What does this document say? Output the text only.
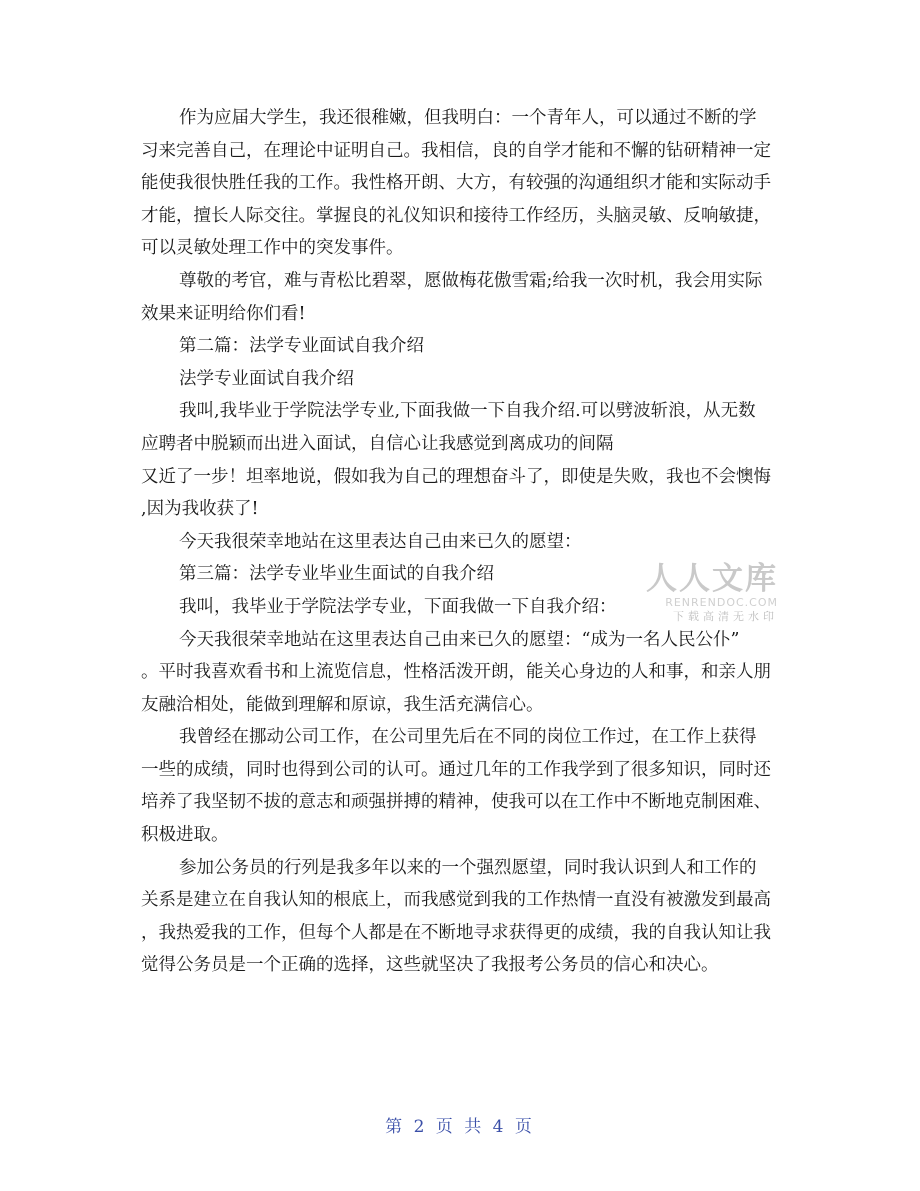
作为应届大学生，我还很稚嫩，但我明白：一个青年人，可以通过不断的学
习来完善自己，在理论中证明自己。我相信，良的自学才能和不懈的钻研精神一定
能使我很快胜任我的工作。我性格开朗、大方，有较强的沟通组织才能和实际动手
才能，擅长人际交往。掌握良的礼仪知识和接待工作经历，头脑灵敏、反响敏捷，
可以灵敏处理工作中的突发事件。

尊敬的考官，难与青松比碧翠，愿做梅花傲雪霜;给我一次时机，我会用实际
效果来证明给你们看!

第二篇：法学专业面试自我介绍

法学专业面试自我介绍

我叫,我毕业于学院法学专业,下面我做一下自我介绍.可以劈波斩浪，从无数
应聘者中脱颖而出进入面试，自信心让我感觉到离成功的间隔
又近了一步！坦率地说，假如我为自己的理想奋斗了，即使是失败，我也不会懊悔
,因为我收获了!

今天我很荣幸地站在这里表达自己由来已久的愿望：

第三篇：法学专业毕业生面试的自我介绍

我叫，我毕业于学院法学专业，下面我做一下自我介绍：

今天我很荣幸地站在这里表达自己由来已久的愿望：“成为一名人民公仆”
。平时我喜欢看书和上流览信息，性格活泼开朗，能关心身边的人和事，和亲人朋
友融洽相处，能做到理解和原谅，我生活充满信心。

我曾经在挪动公司工作，在公司里先后在不同的岗位工作过，在工作上获得
一些的成绩，同时也得到公司的认可。通过几年的工作我学到了很多知识，同时还
培养了我坚韧不拔的意志和顽强拼搏的精神，使我可以在工作中不断地克制困难、
积极进取。

参加公务员的行列是我多年以来的一个强烈愿望，同时我认识到人和工作的
关系是建立在自我认知的根底上，而我感觉到我的工作热情一直没有被激发到最高
，我热爱我的工作，但每个人都是在不断地寻求获得更的成绩，我的自我认知让我
觉得公务员是一个正确的选择，这些就坚决了我报考公务员的信心和决心。

人人文库
RENRENDOC.COM
下载高清无水印
第 2 页 共 4 页
